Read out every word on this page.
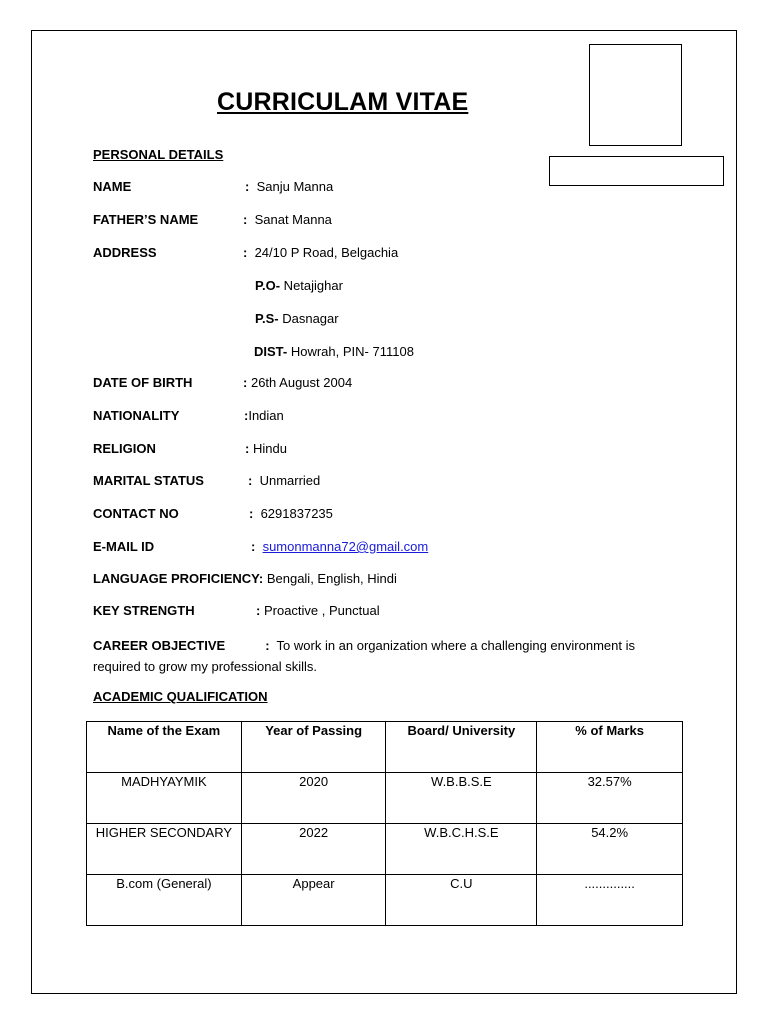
CURRICULAM VITAE
PERSONAL DETAILS
NAME	: Sanju Manna
FATHER’S NAME	: Sanat Manna
ADDRESS	: 24/10 P Road, Belgachia
P.O- Netajighar
P.S- Dasnagar
DIST- Howrah, PIN- 711108
DATE OF BIRTH	: 26th August 2004
NATIONALITY	:Indian
RELIGION	: Hindu
MARITAL STATUS	: Unmarried
CONTACT NO	: 6291837235
E-MAIL ID	: sumonmanna72@gmail.com
LANGUAGE PROFICIENCY: Bengali, English, Hindi
KEY STRENGTH	: Proactive , Punctual
CAREER OBJECTIVE	: To work in an organization where a challenging environment is required to grow my professional skills.
ACADEMIC QUALIFICATION
Name of the Exam	Year of Passing	Board/ University	% of Marks
MADHYAYMIK	2020	W.B.B.S.E	32.57%
HIGHER SECONDARY	2022	W.B.C.H.S.E	54.2%
B.com (General)	Appear	C.U	..............
